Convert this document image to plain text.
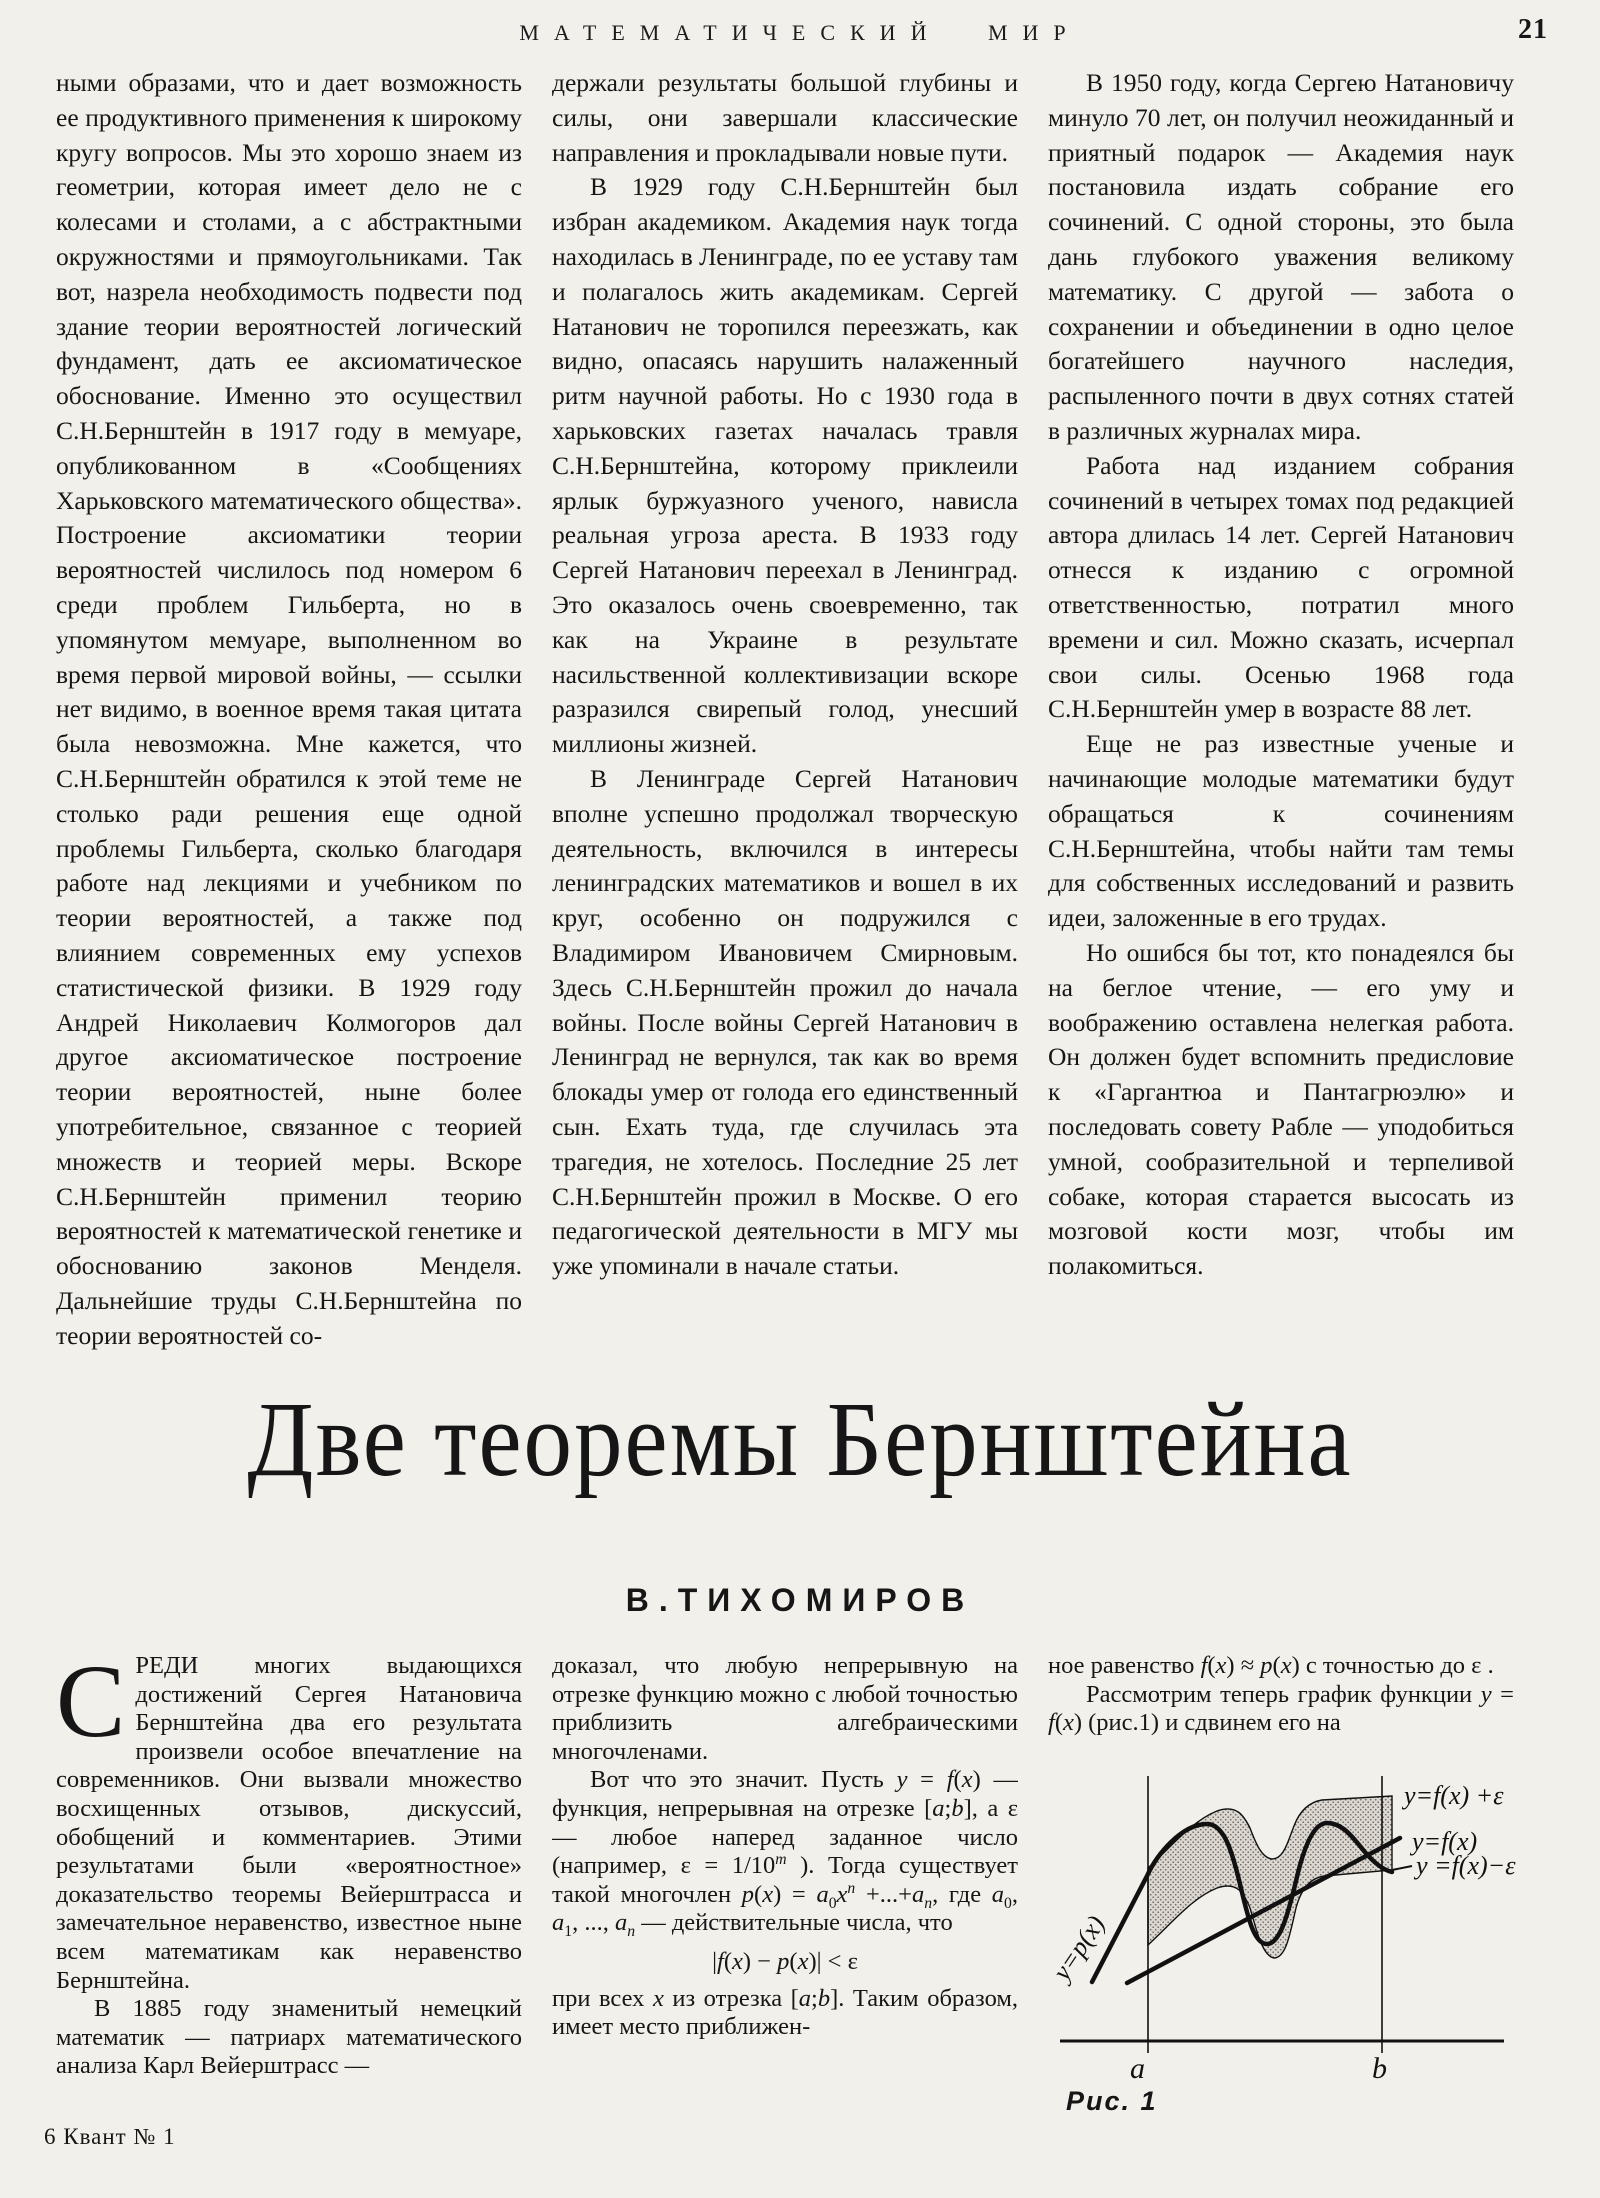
МАТЕМАТИЧЕСКИЙ МИР	21

ными образами, что и дает возможность ее продуктивного применения к широкому кругу вопросов. Мы это хорошо знаем из геометрии, которая имеет дело не с колесами и столами, а с абстрактными окружностями и прямоугольниками. Так вот, назрела необходимость подвести под здание теории вероятностей логический фундамент, дать ее аксиоматическое обоснование. Именно это осуществил С.Н.Бернштейн в 1917 году в мемуаре, опубликованном в «Сообщениях Харьковского математического общества». Построение аксиоматики теории вероятностей числилось под номером 6 среди проблем Гильберта, но в упомянутом мемуаре, выполненном во время первой мировой войны, — ссылки нет видимо, в военное время такая цитата была невозможна. Мне кажется, что С.Н.Бернштейн обратился к этой теме не столько ради решения еще одной проблемы Гильберта, сколько благодаря работе над лекциями и учебником по теории вероятностей, а также под влиянием современных ему успехов статистической физики. В 1929 году Андрей Николаевич Колмогоров дал другое аксиоматическое построение теории вероятностей, ныне более употребительное, связанное с теорией множеств и теорией меры. Вскоре С.Н.Бернштейн применил теорию вероятностей к математической генетике и обоснованию законов Менделя. Дальнейшие труды С.Н.Бернштейна по теории вероятностей со-

держали результаты большой глубины и силы, они завершали классические направления и прокладывали новые пути.

В 1929 году С.Н.Бернштейн был избран академиком. Академия наук тогда находилась в Ленинграде, по ее уставу там и полагалось жить академикам. Сергей Натанович не торопился переезжать, как видно, опасаясь нарушить налаженный ритм научной работы. Но с 1930 года в харьковских газетах началась травля С.Н.Бернштейна, которому приклеили ярлык буржуазного ученого, нависла реальная угроза ареста. В 1933 году Сергей Натанович переехал в Ленинград. Это оказалось очень своевременно, так как на Украине в результате насильственной коллективизации вскоре разразился свирепый голод, унесший миллионы жизней.

В Ленинграде Сергей Натанович вполне успешно продолжал творческую деятельность, включился в интересы ленинградских математиков и вошел в их круг, особенно он подружился с Владимиром Ивановичем Смирновым. Здесь С.Н.Бернштейн прожил до начала войны. После войны Сергей Натанович в Ленинград не вернулся, так как во время блокады умер от голода его единственный сын. Ехать туда, где случилась эта трагедия, не хотелось. Последние 25 лет С.Н.Бернштейн прожил в Москве. О его педагогической деятельности в МГУ мы уже упоминали в начале статьи.

В 1950 году, когда Сергею Натановичу минуло 70 лет, он получил неожиданный и приятный подарок — Академия наук постановила издать собрание его сочинений. С одной стороны, это была дань глубокого уважения великому математику. С другой — забота о сохранении и объединении в одно целое богатейшего научного наследия, распыленного почти в двух сотнях статей в различных журналах мира.

Работа над изданием собрания сочинений в четырех томах под редакцией автора длилась 14 лет. Сергей Натанович отнесся к изданию с огромной ответственностью, потратил много времени и сил. Можно сказать, исчерпал свои силы. Осенью 1968 года С.Н.Бернштейн умер в возрасте 88 лет.

Еще не раз известные ученые и начинающие молодые математики будут обращаться к сочинениям С.Н.Бернштейна, чтобы найти там темы для собственных исследований и развить идеи, заложенные в его трудах.

Но ошибся бы тот, кто понадеялся бы на беглое чтение, — его уму и воображению оставлена нелегкая работа. Он должен будет вспомнить предисловие к «Гаргантюа и Пантагрюэлю» и последовать совету Рабле — уподобиться умной, сообразительной и терпеливой собаке, которая старается высосать из мозговой кости мозг, чтобы им полакомиться.

Две теоремы Бернштейна
В.ТИХОМИРОВ

СРЕДИ многих выдающихся достижений Сергея Натановича Бернштейна два его результата произвели особое впечатление на современников. Они вызвали множество восхищенных отзывов, дискуссий, обобщений и комментариев. Этими результатами были «вероятностное» доказательство теоремы Вейерштрасса и замечательное неравенство, известное ныне всем математикам как неравенство Бернштейна.

В 1885 году знаменитый немецкий математик — патриарх математического анализа Карл Вейерштрасс —

доказал, что любую непрерывную на отрезке функцию можно с любой точностью приблизить алгебраическими многочленами.

Вот что это значит. Пусть y = f(x) — функция, непрерывная на отрезке [a;b], а ε — любое наперед заданное число (например, $\varepsilon = 1/10^m$ ). Тогда существует такой многочлен $p(x) = a_0x^n +...+a_n$, где $a_0$, $a_1$, ..., $a_n$ — действительные числа, что

|f(x) − p(x)| < ε

при всех x из отрезка [a;b]. Таким образом, имеет место приближен-

ное равенство f(x) ≈ p(x) с точностью до ε .

Рассмотрим теперь график функции y = f(x) (рис.1) и сдвинем его на

y=f(x) +ε
y=f(x)
y =f(x)−ε
y=p(x)
a	b
Рис. 1
6 Квант № 1
